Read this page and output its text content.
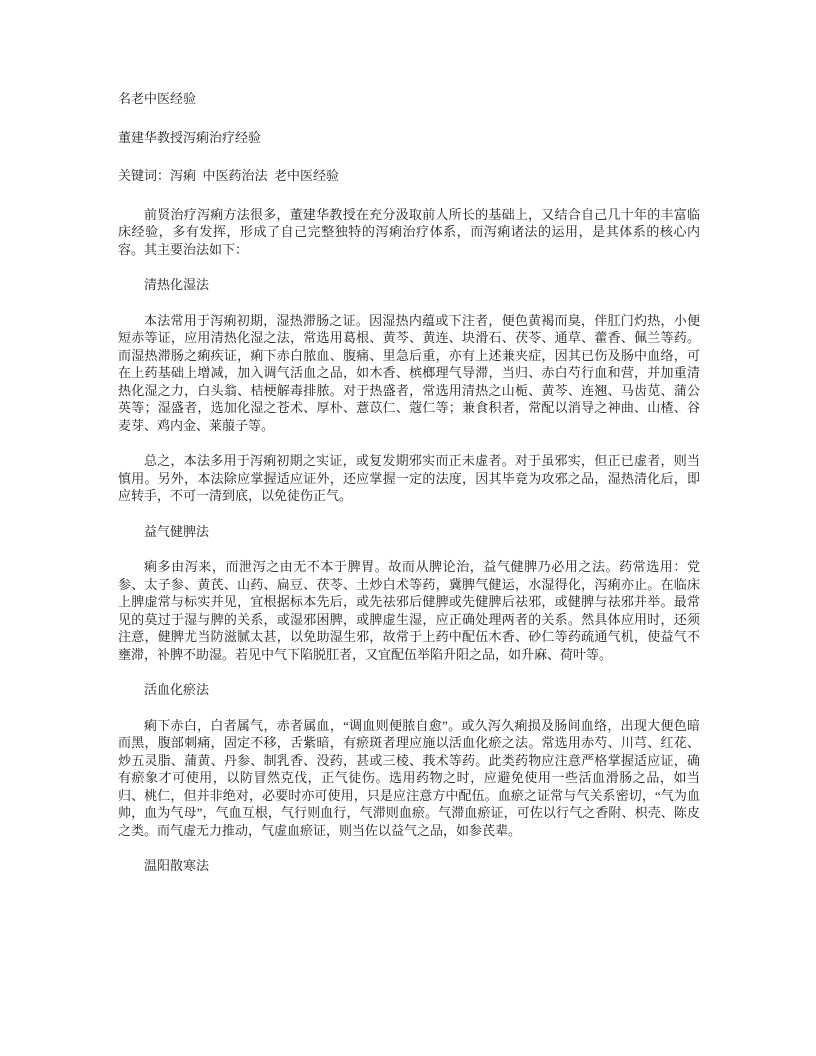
名老中医经验

董建华教授泻痢治疗经验

关键词：泻痢  中医药治法  老中医经验

前贤治疗泻痢方法很多，董建华教授在充分汲取前人所长的基础上，又结合自己几十年的丰富临床经验，多有发挥，形成了自己完整独特的泻痢治疗体系，而泻痢诸法的运用，是其体系的核心内容。其主要治法如下：

清热化湿法

本法常用于泻痢初期，湿热滞肠之证。因湿热内蕴或下注者，便色黄褐而臭，伴肛门灼热，小便短赤等证，应用清热化湿之法，常选用葛根、黄芩、黄连、块滑石、茯苓、通草、藿香、佩兰等药。而湿热滞肠之痢疾证，痢下赤白脓血、腹痛、里急后重，亦有上述兼夹症，因其已伤及肠中血络，可在上药基础上增减，加入调气活血之品，如木香、槟榔理气导滞，当归、赤白芍行血和营，并加重清热化湿之力，白头翁、桔梗解毒排脓。对于热盛者，常选用清热之山栀、黄芩、连翘、马齿苋、蒲公英等；湿盛者，选加化湿之苍术、厚朴、薏苡仁、蔻仁等；兼食积者，常配以消导之神曲、山楂、谷麦芽、鸡内金、莱菔子等。

总之，本法多用于泻痢初期之实证，或复发期邪实而正未虚者。对于虽邪实，但正已虚者，则当慎用。另外，本法除应掌握适应证外，还应掌握一定的法度，因其毕竟为攻邪之品，湿热清化后，即应转手，不可一清到底，以免徒伤正气。

益气健脾法

痢多由泻来，而泄泻之由无不本于脾胃。故而从脾论治，益气健脾乃必用之法。药常选用：党参、太子参、黄芪、山药、扁豆、茯苓、土炒白术等药，冀脾气健运，水湿得化，泻痢亦止。在临床上脾虚常与标实并见，宜根据标本先后，或先祛邪后健脾或先健脾后祛邪，或健脾与祛邪并举。最常见的莫过于湿与脾的关系，或湿邪困脾，或脾虚生湿，应正确处理两者的关系。然具体应用时，还须注意，健脾尤当防滋腻太甚，以免助湿生邪，故常于上药中配伍木香、砂仁等药疏通气机，使益气不壅滞，补脾不助湿。若见中气下陷脱肛者，又宜配伍举陷升阳之品，如升麻、荷叶等。

活血化瘀法

痢下赤白，白者属气，赤者属血，“调血则便脓自愈”。或久泻久痢损及肠间血络，出现大便色暗而黑，腹部刺痛，固定不移，舌紫暗，有瘀斑者理应施以活血化瘀之法。常选用赤芍、川芎、红花、炒五灵脂、蒲黄、丹参、制乳香、没药，甚或三棱、莪术等药。此类药物应注意严格掌握适应证，确有瘀象才可使用，以防冒然克伐，正气徒伤。选用药物之时，应避免使用一些活血滑肠之品，如当归、桃仁，但并非绝对，必要时亦可使用，只是应注意方中配伍。血瘀之证常与气关系密切，“气为血帅，血为气母”，气血互根，气行则血行，气滞则血瘀。气滞血瘀证，可佐以行气之香附、枳壳、陈皮之类。而气虚无力推动，气虚血瘀证，则当佐以益气之品，如参芪辈。

温阳散寒法
